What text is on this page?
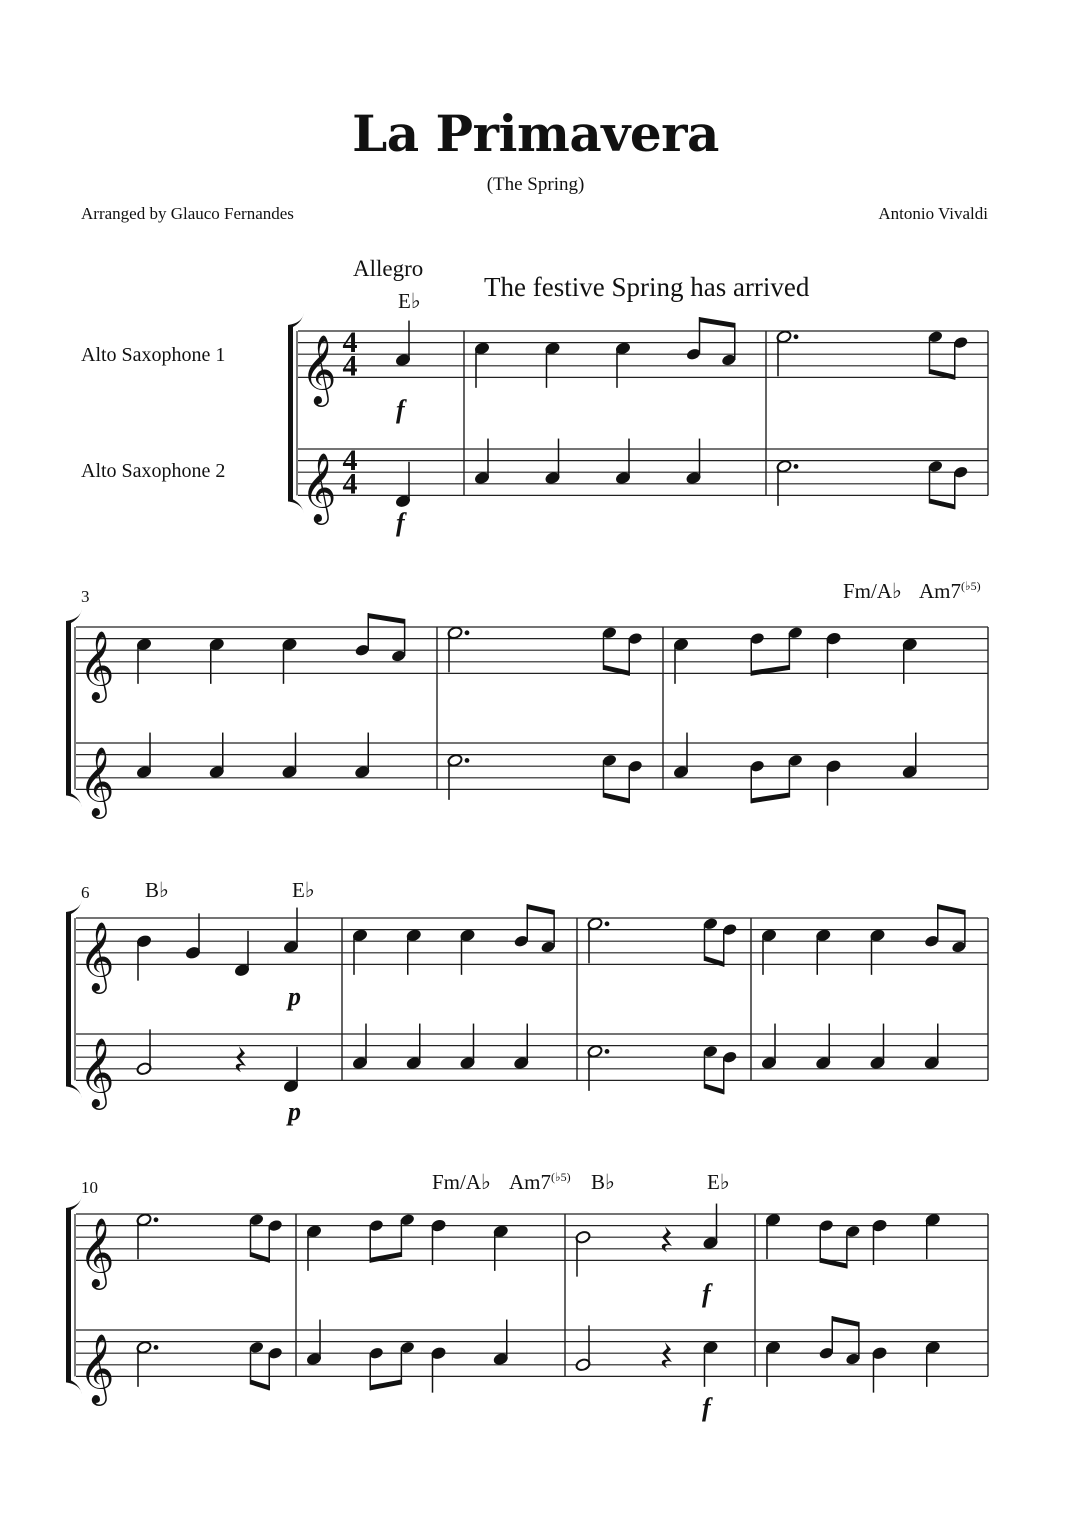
La Primavera
(The Spring)
Arranged by Glauco Fernandes	Antonio Vivaldi
𝄞
𝄞
4
4
4
4
Alto Saxophone 1
Alto Saxophone 2
Allegro
The festive Spring has arrived
E♭
f
f
𝄞
𝄞
3	Fm/A♭ $Am7^{(♭5)}$
𝄞
𝄞
6	B♭	E♭
p
p
𝄞
𝄞
10	Fm/A♭ $Am7^{(♭5)}$ B♭	E♭
f
f
